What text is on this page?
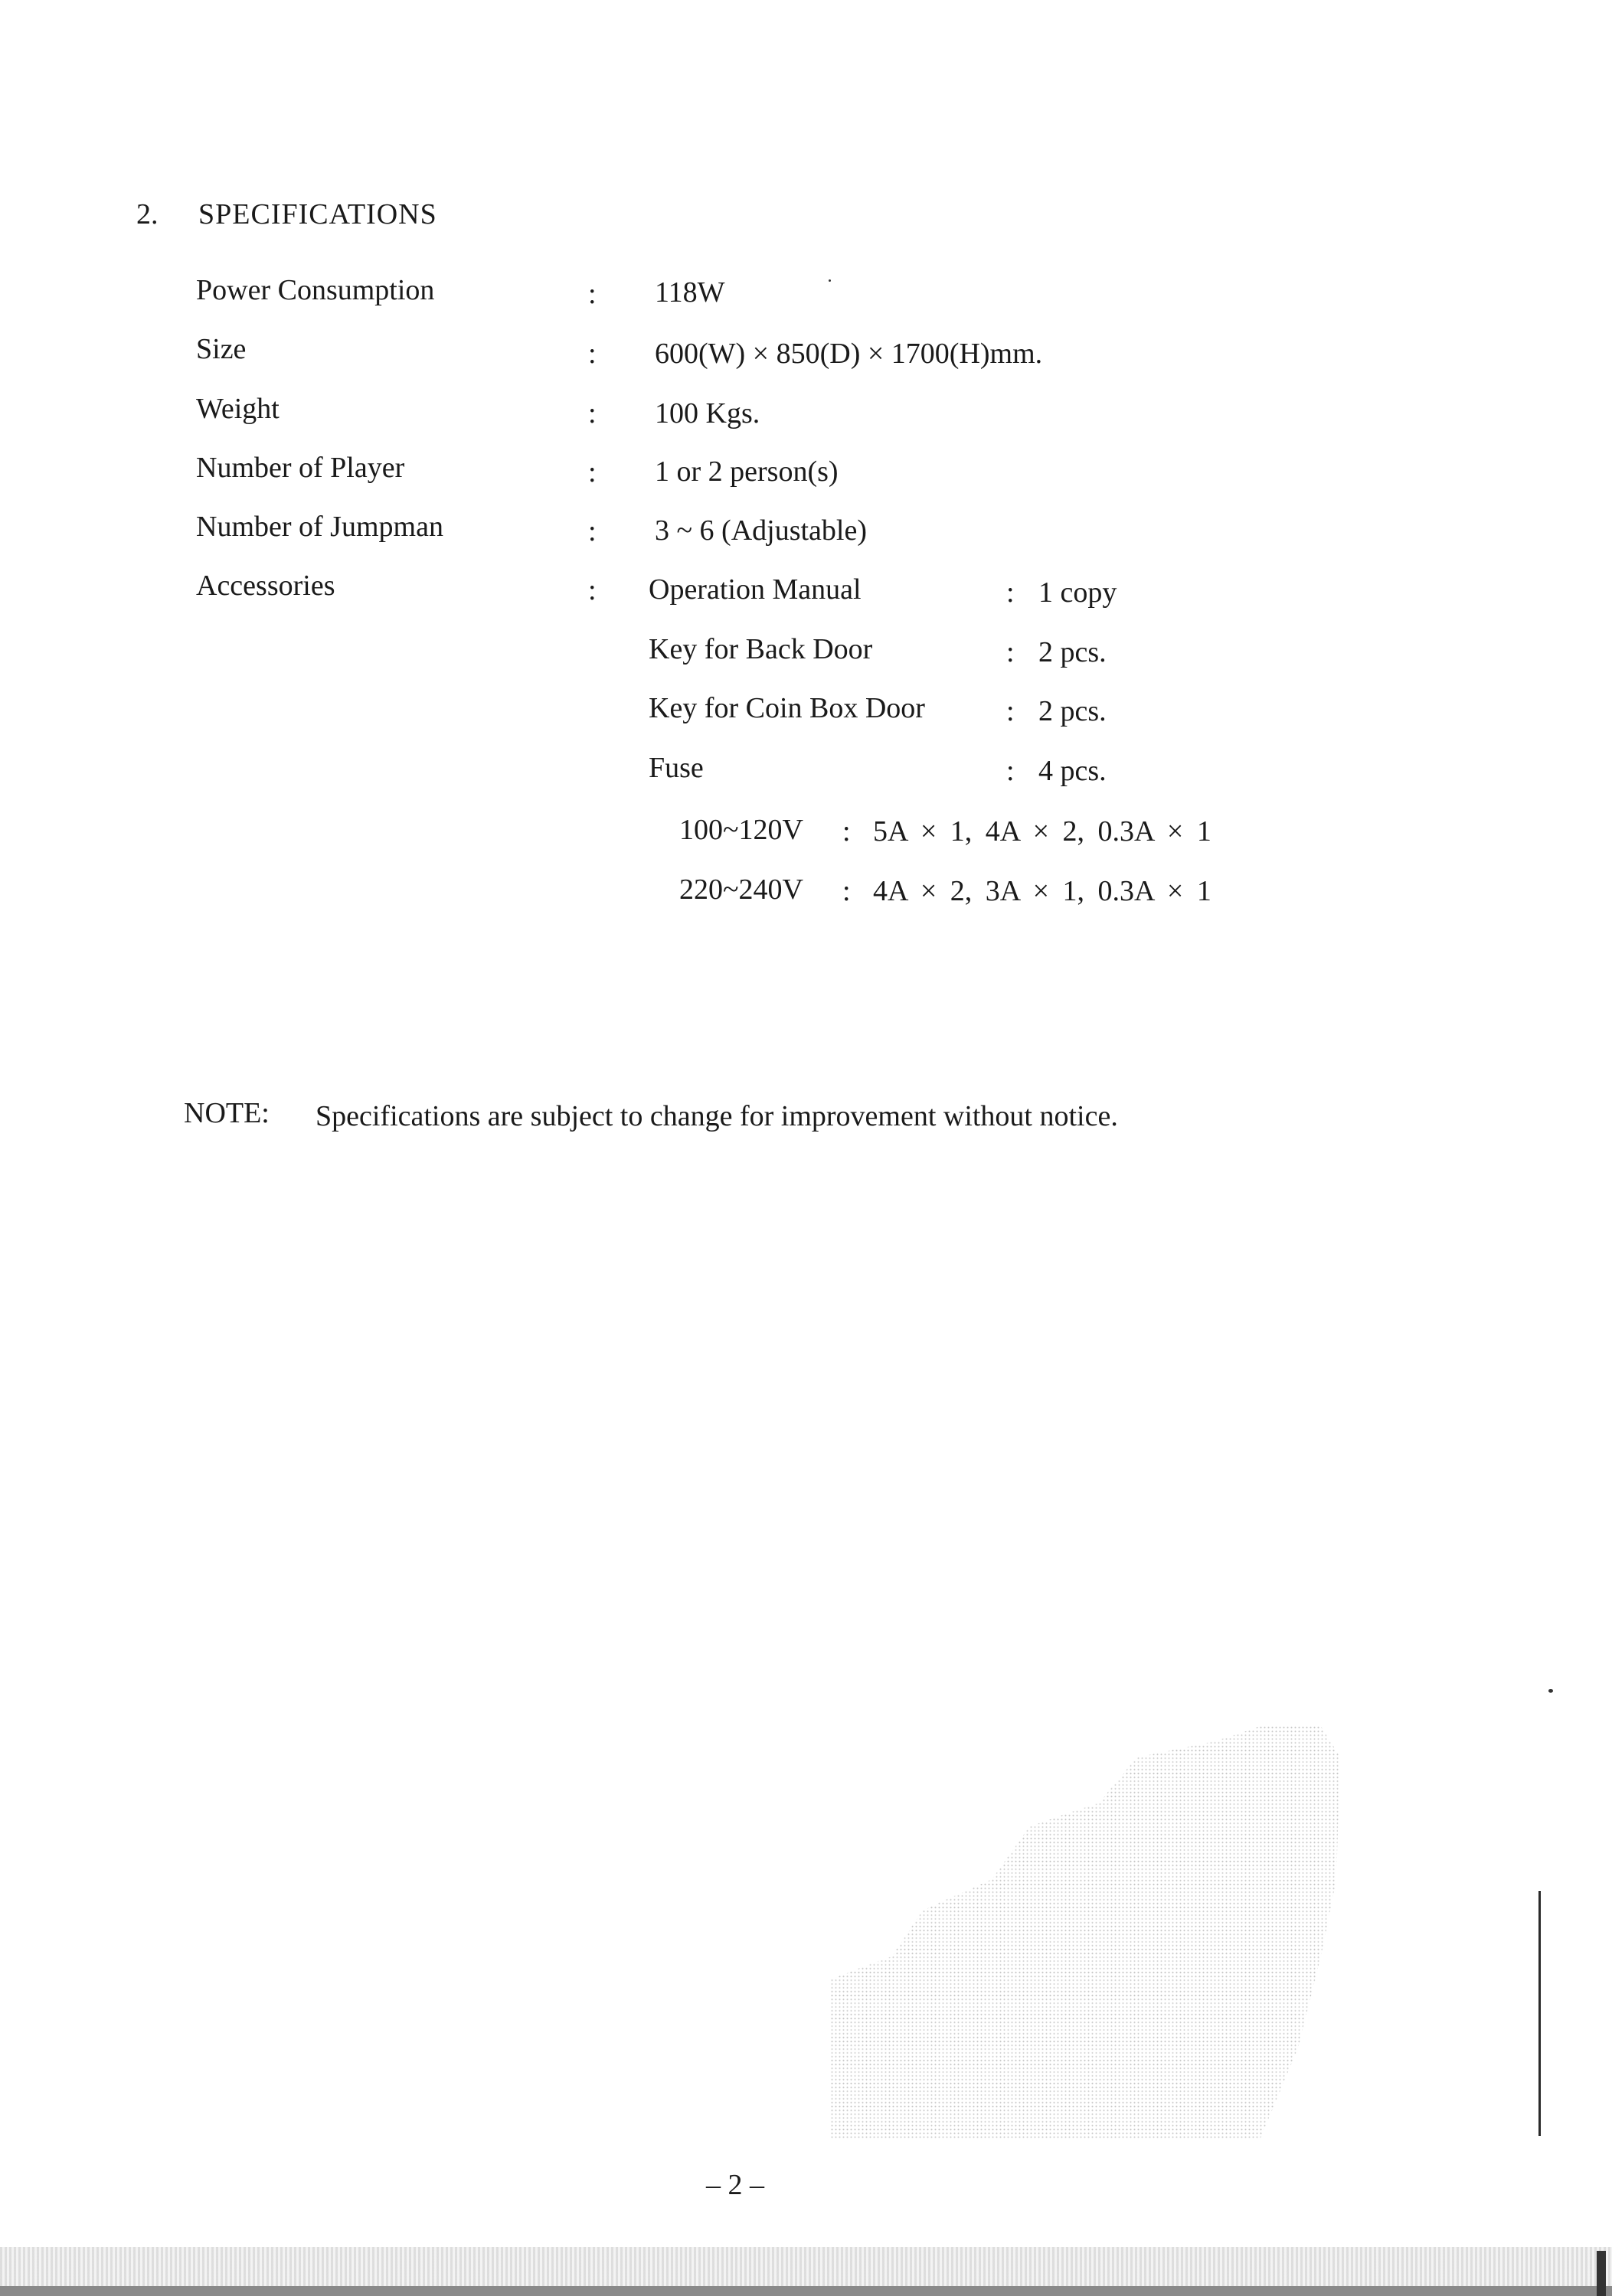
2. SPECIFICATIONS
Power Consumption	: 118W
Size	: 600(W) × 850(D) × 1700(H)mm.
Weight	: 100 Kgs.
Number of Player	: 1 or 2 person(s)
Number of Jumpman	: 3 ~ 6 (Adjustable)
Accessories	: Operation Manual	: 1 copy
Key for Back Door	: 2 pcs.
Key for Coin Box Door	: 2 pcs.
Fuse	: 4 pcs.
100~120V : 5A × 1, 4A × 2, 0.3A × 1
220~240V : 4A × 2, 3A × 1, 0.3A × 1
NOTE: Specifications are subject to change for improvement without notice.
– 2 –
